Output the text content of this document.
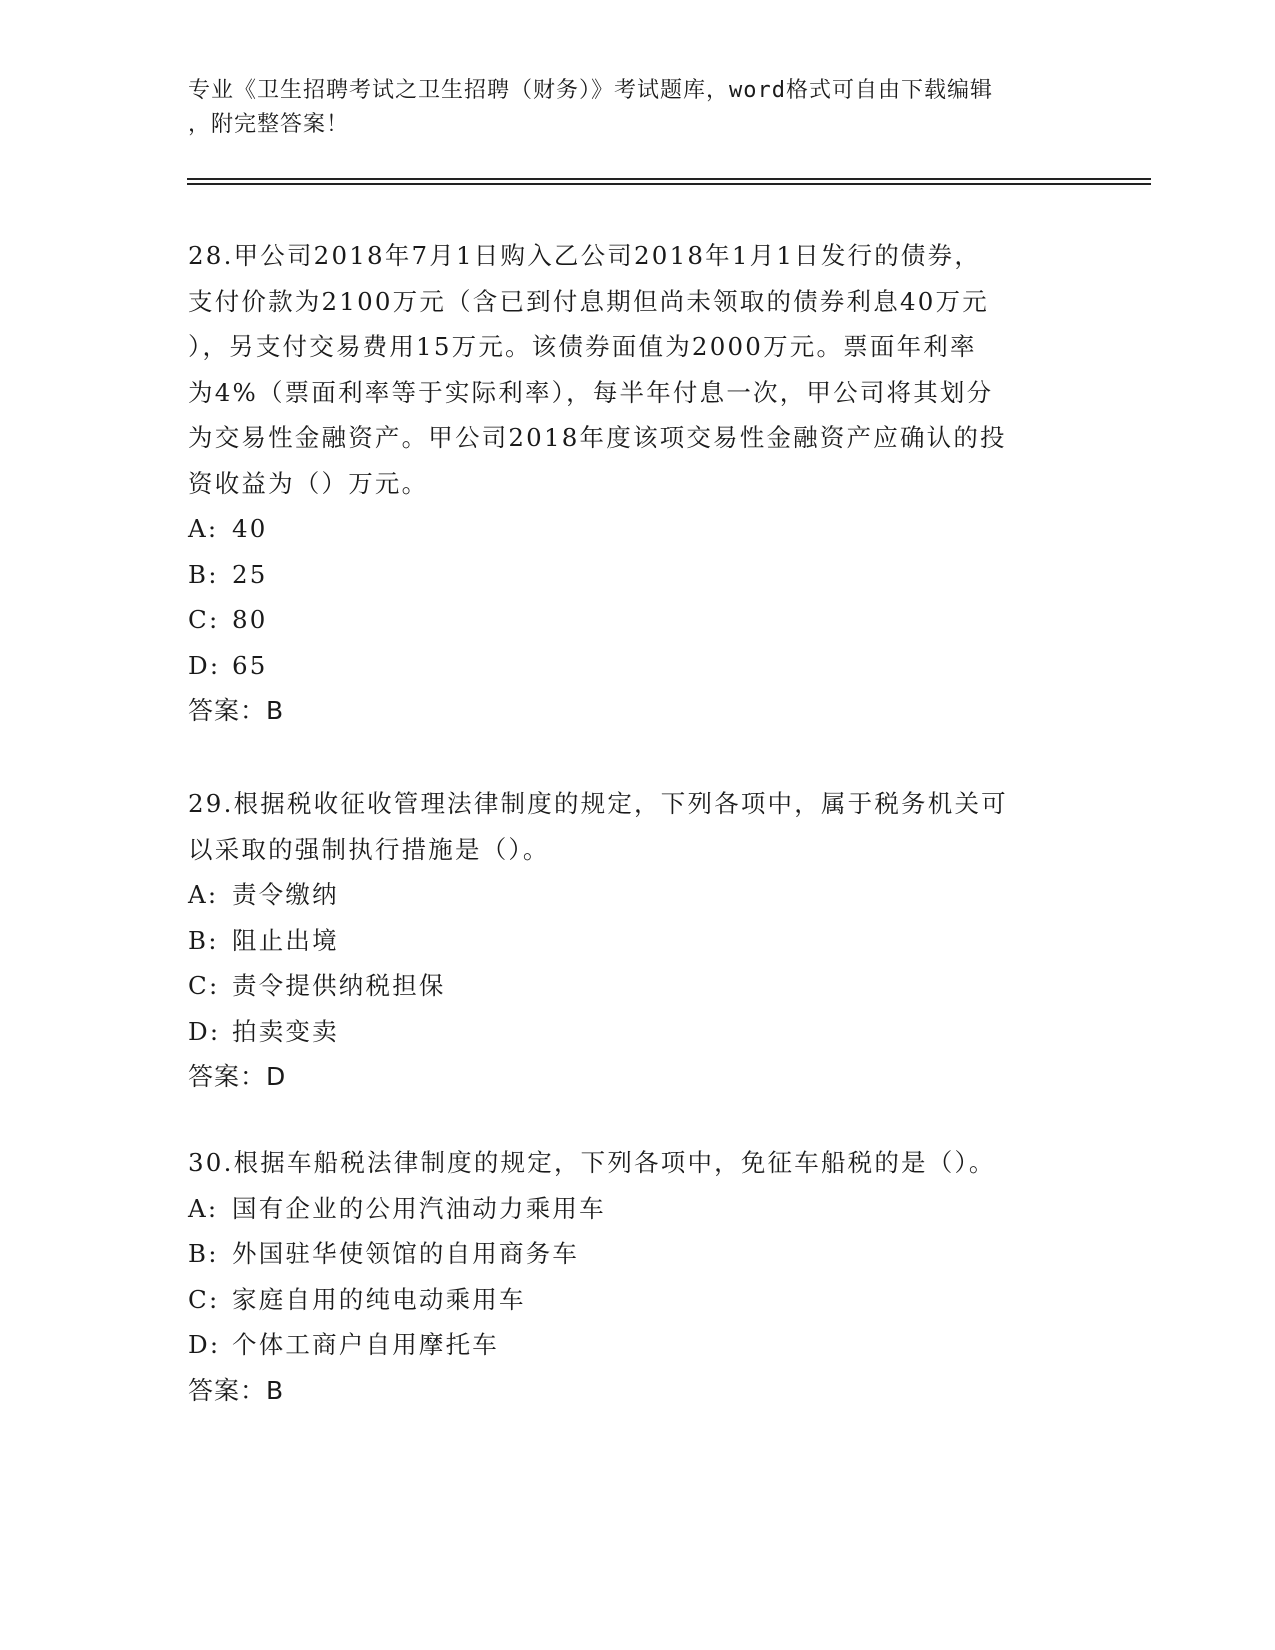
专业《卫生招聘考试之卫生招聘（财务）》考试题库，word格式可自由下载编辑

，附完整答案！

28.甲公司2018年7月1日购入乙公司2018年1月1日发行的债券，
支付价款为2100万元（含已到付息期但尚未领取的债券利息40万元
），另支付交易费用15万元。该债券面值为2000万元。票面年利率
为4%（票面利率等于实际利率），每半年付息一次，甲公司将其划分
为交易性金融资产。甲公司2018年度该项交易性金融资产应确认的投
资收益为（）万元。

A: 40

B: 25

C: 80

D: 65

答案：B

29.根据税收征收管理法律制度的规定，下列各项中，属于税务机关可
以采取的强制执行措施是（）。

A: 责令缴纳

B: 阻止出境

C: 责令提供纳税担保

D: 拍卖变卖

答案：D

30.根据车船税法律制度的规定，下列各项中，免征车船税的是（）。

A: 国有企业的公用汽油动力乘用车

B: 外国驻华使领馆的自用商务车

C: 家庭自用的纯电动乘用车

D: 个体工商户自用摩托车

答案：B
